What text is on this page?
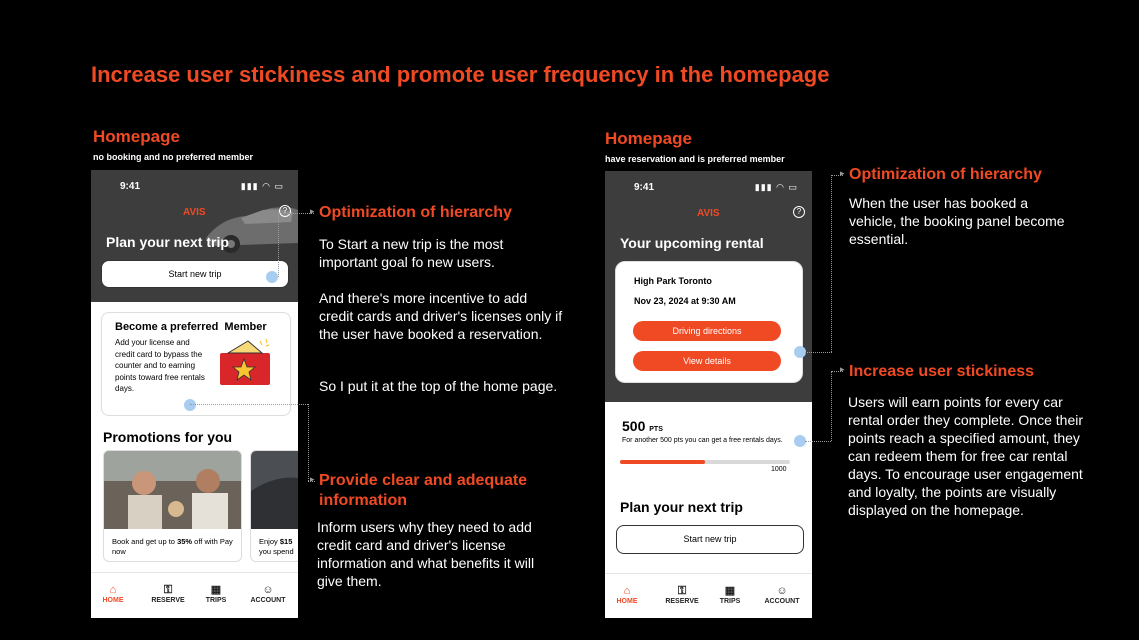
Increase user stickiness and promote user frequency in the homepage
Homepage
no booking and no preferred member
9:41	▮▮▮ ◠ ▭
AVIS	?
Plan your next trip
Start new trip
Become a preferred  Member
Add your license and credit card to bypass the counter and to earning points toward free rentals days.
Promotions for you
Book and get up to 35% off with Pay now
Enjoy $15
you spend
⌂
HOME
⚿
RESERVE
▦
TRIPS
☺
ACCOUNT
▸
▸
Optimization of hierarchy
To Start a new trip is the most important goal fo new users.
And there's more incentive to add credit cards and driver's licenses only if the user have booked a reservation.
So I put it at the top of the home page.
Provide clear and adequate information
Inform users why they need to add credit card and driver's license information and what benefits it will give them.
Homepage
have reservation and is preferred member
9:41	▮▮▮ ◠ ▭
AVIS	?
Your upcoming rental
High Park Toronto
Nov 23, 2024 at 9:30 AM
Driving directions
View details
500 PTS
For another 500 pts you can get a free rentals days.
1000
Plan your next trip
Start new trip
⌂
HOME
⚿
RESERVE
▦
TRIPS
☺
ACCOUNT
▸
▸
Optimization of hierarchy
When the user has booked a vehicle, the booking panel become essential.
Increase user stickiness
Users will earn points for every car rental order they complete. Once their points reach a specified amount, they can redeem them for free car rental days. To encourage user engagement and loyalty, the points are visually displayed on the homepage.
